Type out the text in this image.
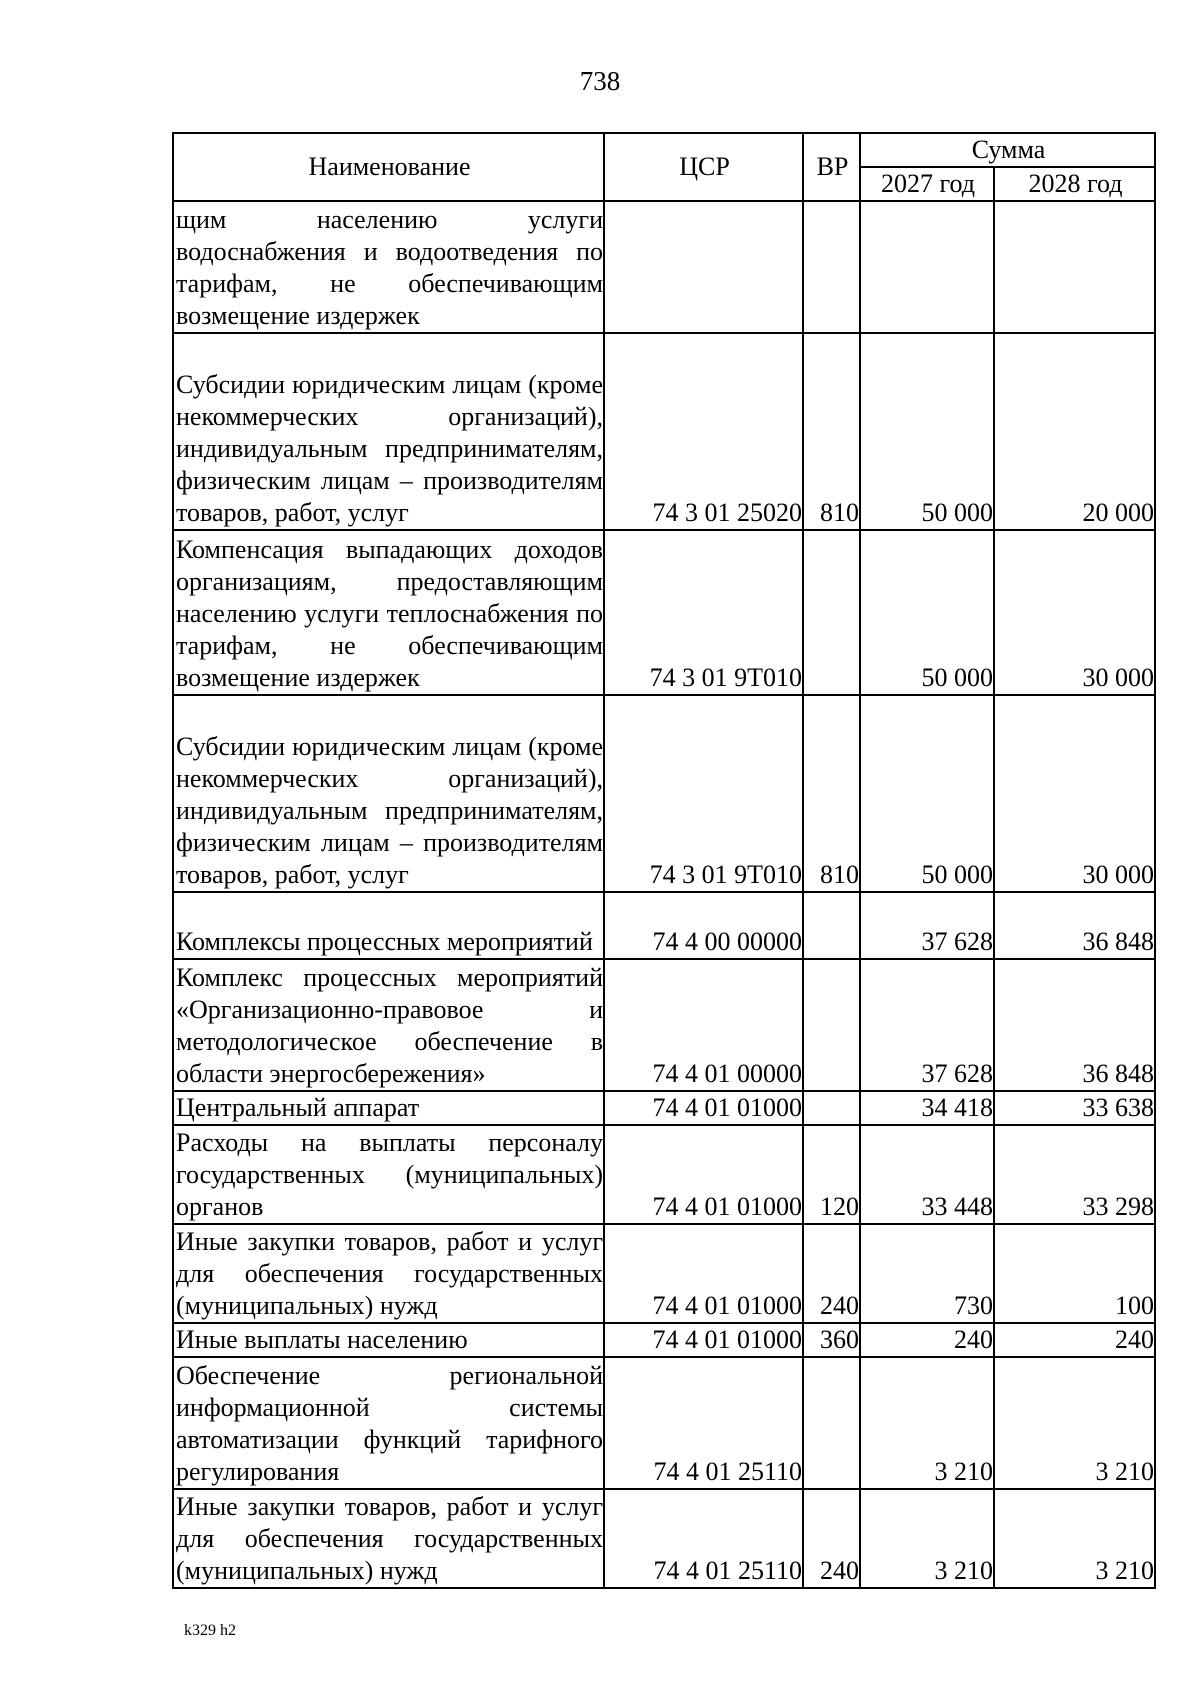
738
Наименование	ЦСР	ВР	Сумма	
			2027 год	2028 год
щим населению услуги водоснабжения и водоотведения по тарифам, не обеспечивающим возмещение издержек				
Субсидии юридическим лицам (кроме некоммерческих организаций), индивидуальным предпринимателям, физическим лицам – производителям товаров, работ, услуг	74 3 01 25020	810	50 000	20 000
Компенсация выпадающих доходов организациям, предоставляющим населению услуги теплоснабжения по тарифам, не обеспечивающим возмещение издержек	74 3 01 9Т010		50 000	30 000
Субсидии юридическим лицам (кроме некоммерческих организаций), индивидуальным предпринимателям, физическим лицам – производителям товаров, работ, услуг	74 3 01 9Т010	810	50 000	30 000
Комплексы процессных мероприятий	74 4 00 00000		37 628	36 848
Комплекс процессных мероприятий «Организационно-правовое и методологическое обеспечение в области энергосбережения»	74 4 01 00000		37 628	36 848
Центральный аппарат	74 4 01 01000		34 418	33 638
Расходы на выплаты персоналу государственных (муниципальных) органов	74 4 01 01000	120	33 448	33 298
Иные закупки товаров, работ и услуг для обеспечения государственных (муниципальных) нужд	74 4 01 01000	240	730	100
Иные выплаты населению	74 4 01 01000	360	240	240
Обеспечение региональной информационной системы автоматизации функций тарифного регулирования	74 4 01 25110		3 210	3 210
Иные закупки товаров, работ и услуг для обеспечения государственных (муниципальных) нужд	74 4 01 25110	240	3 210	3 210
k329 h2
